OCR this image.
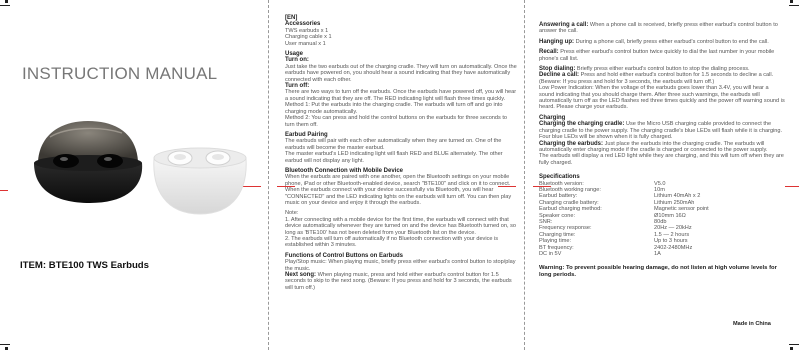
INSTRUCTION MANUAL
ITEM: BTE100 TWS Earbuds

[EN]

Accessories

TWS earbuds x 1

Charging cable x 1

User manual x 1

Usage

Turn on:

Just take the two earbuds out of the charging cradle. They will turn on automatically. Once the earbuds have powered on, you should hear a sound indicating that they have automatically connected with each other.

Turn off:

There are two ways to turn off the earbuds. Once the earbuds have powered off, you will hear a sound indicating that they are off. The RED indicating light will flash three times quickly.

Method 1: Put the earbuds into the charging cradle. The earbuds will turn off and go into charging mode automatically.

Method 2: You can press and hold the control buttons on the earbuds for three seconds to turn them off.

Earbud Pairing

The earbuds will pair with each other automatically when they are turned on. One of the earbuds will become the master earbud.

The master earbud's LED indicating light will flash RED and BLUE alternately. The other earbud will not display any light.

Bluetooth Connection with Mobile Device

When the earbuds are paired with one another, open the Bluetooth settings on your mobile phone, iPad or other Bluetooth-enabled device, search "BTE100" and click on it to connect. When the earbuds connect with your device successfully via Bluetooth, you will hear "CONNECTED" and the LED indicating lights on the earbuds will turn off. You can then play music on your device and enjoy it through the earbuds.

Note:

1. After connecting with a mobile device for the first time, the earbuds will connect with that device automatically whenever they are turned on and the device has Bluetooth turned on, so long as 'BTE100' has not been deleted from your Bluetooth list on the device.

2. The earbuds will turn off automatically if no Bluetooth connection with your device is established within 3 minutes.

Functions of Control Buttons on Earbuds

Play/Stop music: When playing music, briefly press either earbud's control button to stop/play the music.

Next song: When playing music, press and hold either earbud's control button for 1.5 seconds to skip to the next song. (Beware: If you press and hold for 3 seconds, the earbuds will turn off.)

Answering a call: When a phone call is received, briefly press either earbud's control button to answer the call.

Hanging up: During a phone call, briefly press either earbud's control button to end the call.

Recall: Press either earbud's control button twice quickly to dial the last number in your mobile phone's call list.

Stop dialing: Briefly press either earbud's control button to stop the dialing process.

Decline a call: Press and hold either earbud's control button for 1.5 seconds to decline a call. (Beware: If you press and hold for 3 seconds, the earbuds will turn off.)

Low Power Indication: When the voltage of the earbuds goes lower than 3.4V, you will hear a sound indicating that you should charge them. After three such warnings, the earbuds will automatically turn off as the LED flashes red three times quickly and the power off warning sound is heard. Please charge your earbuds.

Charging

Charging the charging cradle: Use the Micro USB charging cable provided to connect the charging cradle to the power supply. The charging cradle's blue LEDs will flash while it is charging. Four blue LEDs will be shown when it is fully charged.

Charging the earbuds: Just place the earbuds into the charging cradle. The earbuds will automatically enter charging mode if the cradle is charged or connected to the power supply.

The earbuds will display a red LED light while they are charging, and this will turn off when they are fully charged.

Specifications

Bluetooth version:	V5.0
Bluetooth working range:	10m
Earbud battery:	Lithium 40mAh x 2
Charging cradle battery:	Lithium 250mAh
Earbud charging method:	Magnetic sensor point
Speaker cone:	Ø10mm 16Ω
SNR:	80db
Frequency response:	20Hz — 20kHz
Charging time:	1.5 — 2 hours
Playing time:	Up to 3 hours
BT frequency:	2402-2480MHz
DC in 5V	1A

Warning: To prevent possible hearing damage, do not listen at high volume levels for long periods.

Made in China
